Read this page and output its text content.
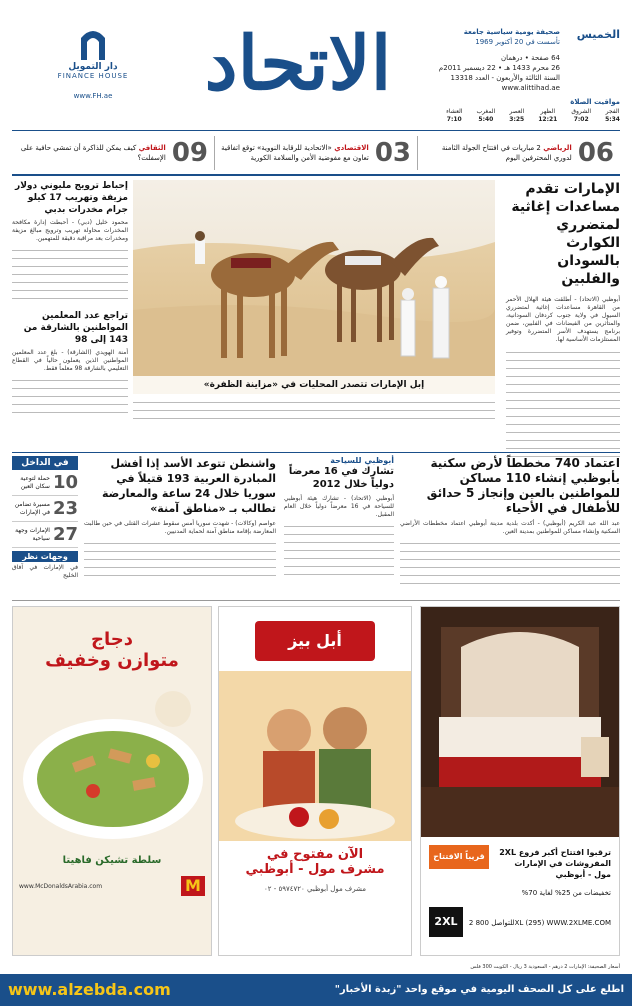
الخميس
صحيفة يومية سياسية جامعة
تأسست في 20 أكتوبر 1969
64 صفحة • درهمان
26 محرم 1433 هـ • 22 ديسمبر 2011م
السنة الثالثة والأربعون - العدد 13318
www.alittihad.ae
الاتحاد
دار التمويل
FINANCE HOUSE
www.FH.ae
مواقيت الصلاة
الفجر
5:34
الشروق
7:02
الظهر
12:21
العصر
3:25
المغرب
5:40
العشاء
7:10
06
الرياضي 2 مباريات في افتتاح الجولة الثامنة لدوري المحترفين اليوم
03
الاقتصادي «الاتحادية للرقابة النووية» توقع اتفاقية تعاون مع مفوضية الأمن والسلامة الكورية
09
الثقافي كيف يمكن للذاكرة أن تمشي حافية على الإسفلت؟
الإمارات تقدم مساعدات إغاثية لمتضرري الكوارث بالسودان والفلبين
أبوظبي (الاتحاد) - أطلقت هيئة الهلال الأحمر من القاهرة مساعدات إغاثية لمتضرري السيول في ولاية جنوب كردفان السودانية، والمتأثرين من الفيضانات في الفلبين، ضمن برنامج يستهدف الأسر المتضررة وتوفير المستلزمات الأساسية لها.
إبل الإمارات تتصدر المحليات في «مزاينة الظفرة»
إحباط ترويج مليوني دولار مزيفة وتهريب 17 كيلو جرام مخدرات بدبي
محمود خليل (دبي) - أحبطت إدارة مكافحة المخدرات محاولة تهريب وترويج مبالغ مزيفة ومخدرات بعد مراقبة دقيقة للمتهمين.
تراجع عدد المعلمين المواطنين بالشارقة من 143 إلى 98
أمنة الهويدي (الشارقة) - بلغ عدد المعلمين المواطنين الذين يعملون حالياً في القطاع التعليمي بالشارقة 98 معلماً فقط.
اعتماد 740 مخططاً لأرض سكنية بأبوظبي إنشاء 110 مساكن للمواطنين بالعين وإنجاز 5 حدائق للأطفال في الأحياء
عبد الله عبد الكريم (أبوظبي) - أكدت بلدية مدينة أبوظبي اعتماد مخططات الأراضي السكنية وإنشاء مساكن للمواطنين بمدينة العين.
أبوظبي للسياحة
تشارك في 16 معرضاً دولياً خلال 2012
أبوظبي (الاتحاد) - تشارك هيئة أبوظبي للسياحة في 16 معرضاً دولياً خلال العام المقبل.
واشنطن تتوعد الأسد إذا أفشل المبادرة العربية 193 قتيلاً في سوريا خلال 24 ساعة والمعارضة تطالب بـ «مناطق آمنة»
عواصم (وكالات) - شهدت سوريا أمس سقوط عشرات القتلى في حين طالبت المعارضة بإقامة مناطق آمنة لحماية المدنيين.
في الداخل
10
حملة لتوعية سكان العين
23
مسيرة تضامن في الإمارات
27
الإمارات وجهة سياحية
وجهات نظر
في الإمارات في آفاق الخليج
قريباً الافتتاح	ترقبوا افتتاح أكبر فروع 2XL
المفروشات في الإمارات
مول - أبوظبي
تخفيضات من 25% لغاية 70%
2XL	للتواصل 800 2XL (295) WWW.2XLME.COM
أبل بيز
الآن مفتوح في
مشرف مول - أبوظبي
مشرف مول أبوظبي ٥٩٧٤٧٢٠ - ٠٢
دجاج
متوازن وخفيف
سلطة تشيكن فاهيتا
M
www.McDonaldsArabia.com
أسعار الصحيفة: الإمارات 2 درهم - السعودية 3 ريال - الكويت 300 فلس
www.alzebda.com	اطلع على كل الصحف اليومية في موقع واحد "زبدة الأخبار"
